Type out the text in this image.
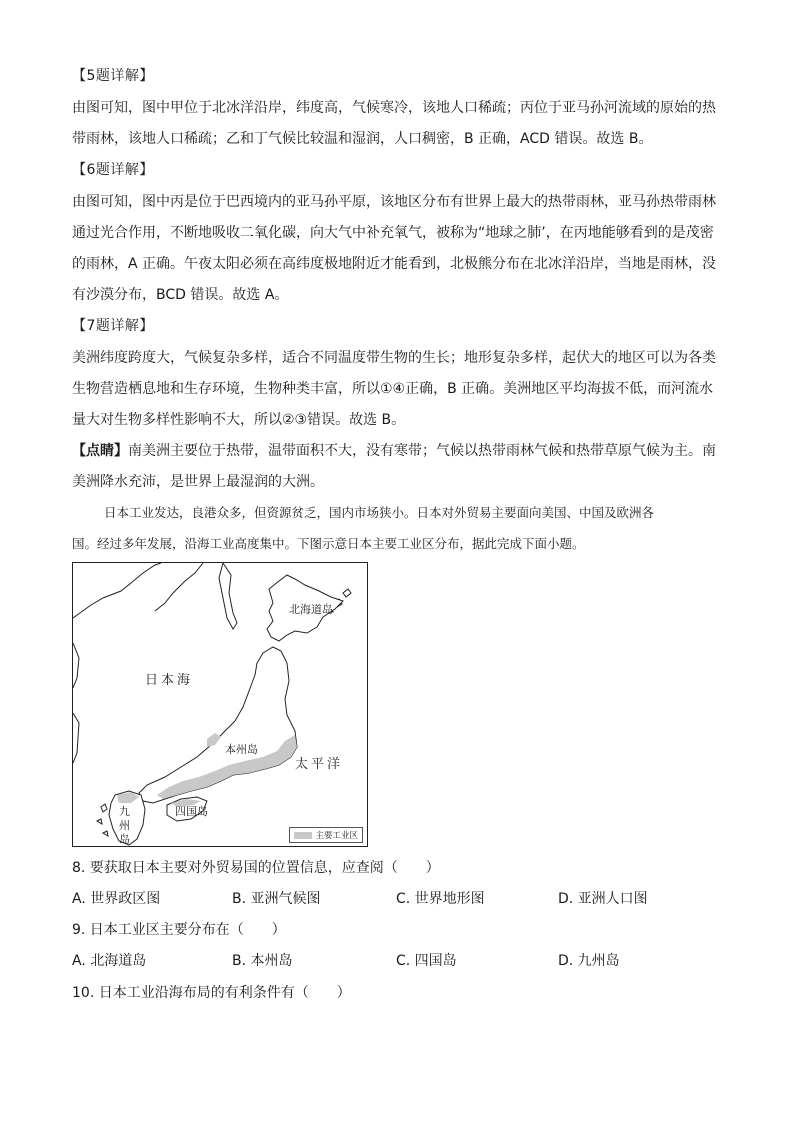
【5题详解】
由图可知，图中甲位于北冰洋沿岸，纬度高，气候寒冷，该地人口稀疏；丙位于亚马孙河流域的原始的热
带雨林，该地人口稀疏；乙和丁气候比较温和湿润，人口稠密，B 正确，ACD 错误。故选 B。
【6题详解】
由图可知，图中丙是位于巴西境内的亚马孙平原，该地区分布有世界上最大的热带雨林，亚马孙热带雨林
通过光合作用，不断地吸收二氧化碳，向大气中补充氧气，被称为“地球之肺’，在丙地能够看到的是茂密
的雨林，A 正确。午夜太阳必须在高纬度极地附近才能看到，北极熊分布在北冰洋沿岸，当地是雨林，没
有沙漠分布，BCD 错误。故选 A。
【7题详解】
美洲纬度跨度大，气候复杂多样，适合不同温度带生物的生长；地形复杂多样，起伏大的地区可以为各类
生物营造栖息地和生存环境，生物种类丰富，所以①④正确，B 正确。美洲地区平均海拔不低，而河流水
量大对生物多样性影响不大，所以②③错误。故选 B。
【点睛】南美洲主要位于热带，温带面积不大，没有寒带；气候以热带雨林气候和热带草原气候为主。南
美洲降水充沛，是世界上最湿润的大洲。
日本工业发达，良港众多，但资源贫乏，国内市场狭小。日本对外贸易主要面向美国、中国及欧洲各
国。经过多年发展，沿海工业高度集中。下图示意日本主要工业区分布，据此完成下面小题。
北海道岛
日本海
本州岛
太平洋
四国岛
九
州
岛	主要工业区
8. 要获取日本主要对外贸易国的位置信息，应查阅（　　）
A. 世界政区图	B. 亚洲气候图	C. 世界地形图	D. 亚洲人口图
9. 日本工业区主要分布在（　　）
A. 北海道岛	B. 本州岛	C. 四国岛	D. 九州岛
10. 日本工业沿海布局的有利条件有（　　）
